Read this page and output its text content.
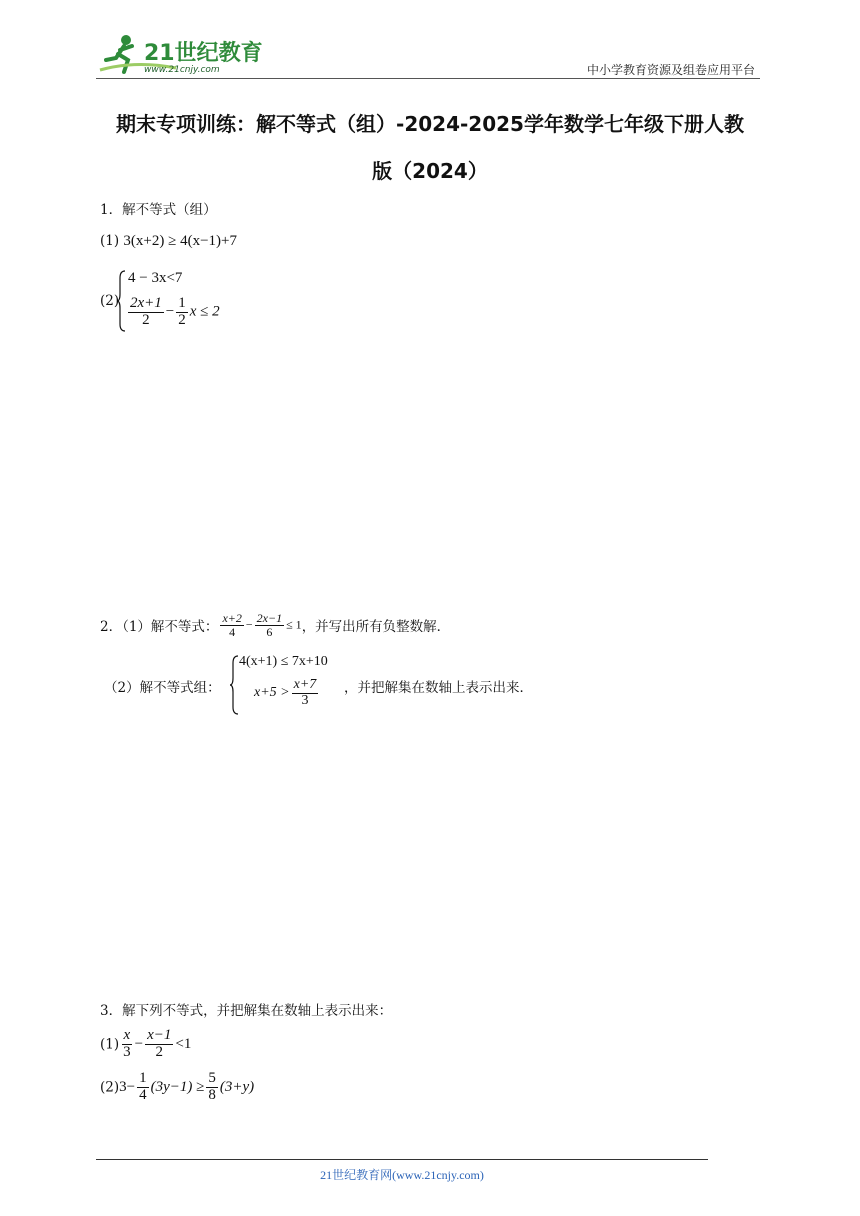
21世纪教育
www.21cnjy.com	中小学教育资源及组卷应用平台
期末专项训练：解不等式（组）-2024-2025学年数学七年级下册人教
版（2024）
1．解不等式（组）
(1) 3(x+2) ≥ 4(x−1)+7
(2)
4 − 3x<7
$\frac{2x+1}{2} - \frac{1}{2}$ x ≤ 2
2．（1）解不等式： $\frac{x+2}{4} - \frac{2x-1}{6} \le 1$，并写出所有负整数解．
（2）解不等式组：
4(x+1) ≤ 7x+10
$x+5 > \frac{x+7}{3}$ ，并把解集在数轴上表示出来．
3．解下列不等式，并把解集在数轴上表示出来：
$(1) \frac{x}{3} - \frac{x-1}{2} <1$
$(2)3- \frac{1}{4} (3y-1) \ge \frac{5}{8} (3+y)$
21世纪教育网(www.21cnjy.com)
